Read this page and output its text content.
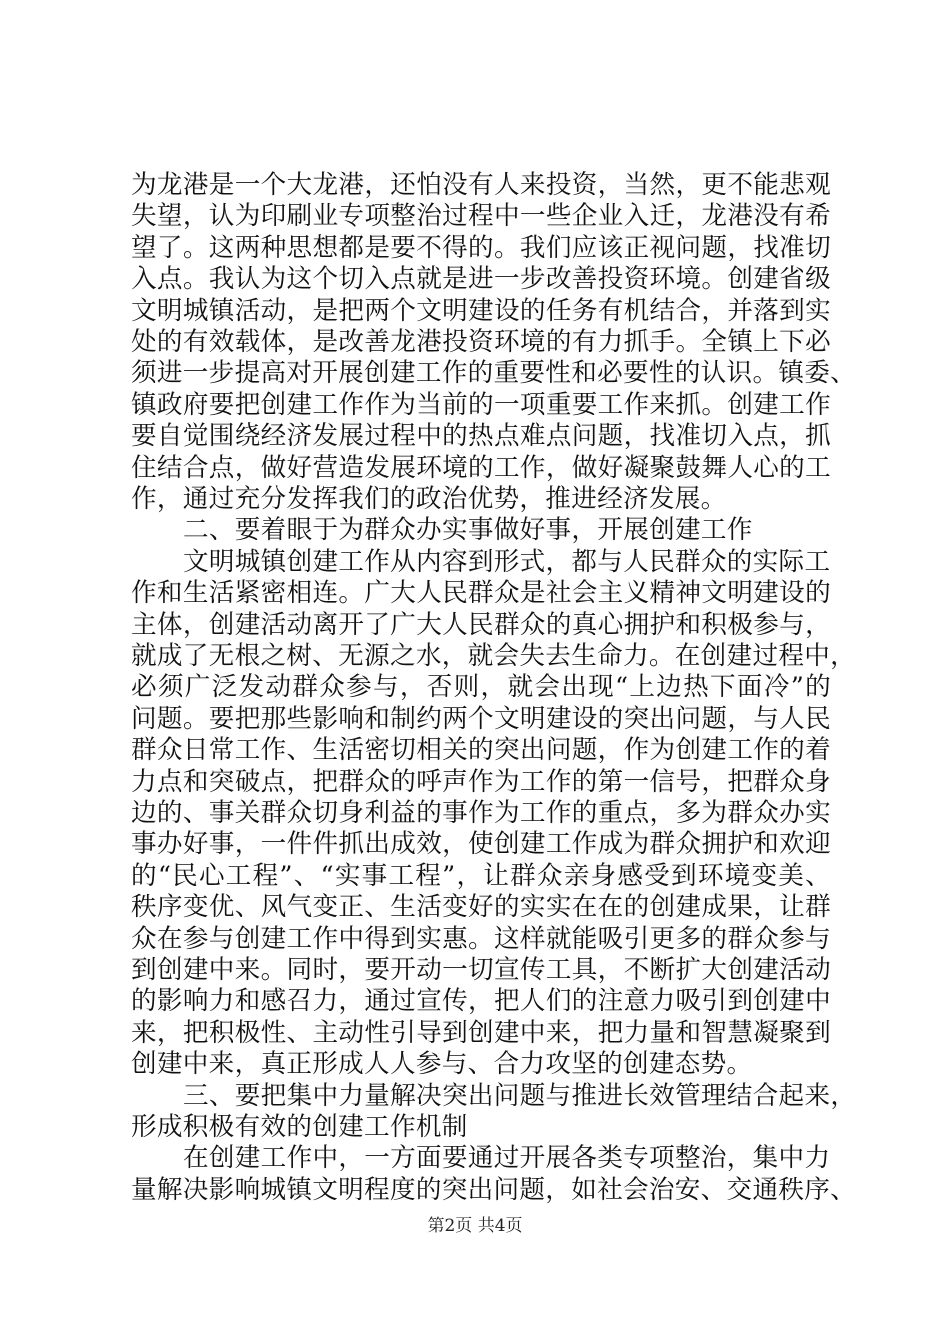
为龙港是一个大龙港，还怕没有人来投资，当然，更不能悲观
失望，认为印刷业专项整治过程中一些企业入迁，龙港没有希
望了。这两种思想都是要不得的。我们应该正视问题，找准切
入点。我认为这个切入点就是进一步改善投资环境。创建省级
文明城镇活动，是把两个文明建设的任务有机结合，并落到实
处的有效载体，是改善龙港投资环境的有力抓手。全镇上下必
须进一步提高对开展创建工作的重要性和必要性的认识。镇委、
镇政府要把创建工作作为当前的一项重要工作来抓。创建工作
要自觉围绕经济发展过程中的热点难点问题，找准切入点，抓
住结合点，做好营造发展环境的工作，做好凝聚鼓舞人心的工
作，通过充分发挥我们的政治优势，推进经济发展。
二、要着眼于为群众办实事做好事，开展创建工作
文明城镇创建工作从内容到形式，都与人民群众的实际工
作和生活紧密相连。广大人民群众是社会主义精神文明建设的
主体，创建活动离开了广大人民群众的真心拥护和积极参与，
就成了无根之树、无源之水，就会失去生命力。在创建过程中，
必须广泛发动群众参与，否则，就会出现“上边热下面冷”的
问题。要把那些影响和制约两个文明建设的突出问题，与人民
群众日常工作、生活密切相关的突出问题，作为创建工作的着
力点和突破点，把群众的呼声作为工作的第一信号，把群众身
边的、事关群众切身利益的事作为工作的重点，多为群众办实
事办好事，一件件抓出成效，使创建工作成为群众拥护和欢迎
的“民心工程”、“实事工程”，让群众亲身感受到环境变美、
秩序变优、风气变正、生活变好的实实在在的创建成果，让群
众在参与创建工作中得到实惠。这样就能吸引更多的群众参与
到创建中来。同时，要开动一切宣传工具，不断扩大创建活动
的影响力和感召力，通过宣传，把人们的注意力吸引到创建中
来，把积极性、主动性引导到创建中来，把力量和智慧凝聚到
创建中来，真正形成人人参与、合力攻坚的创建态势。
三、要把集中力量解决突出问题与推进长效管理结合起来，
形成积极有效的创建工作机制
在创建工作中，一方面要通过开展各类专项整治，集中力
量解决影响城镇文明程度的突出问题，如社会治安、交通秩序、
第2页 共4页
